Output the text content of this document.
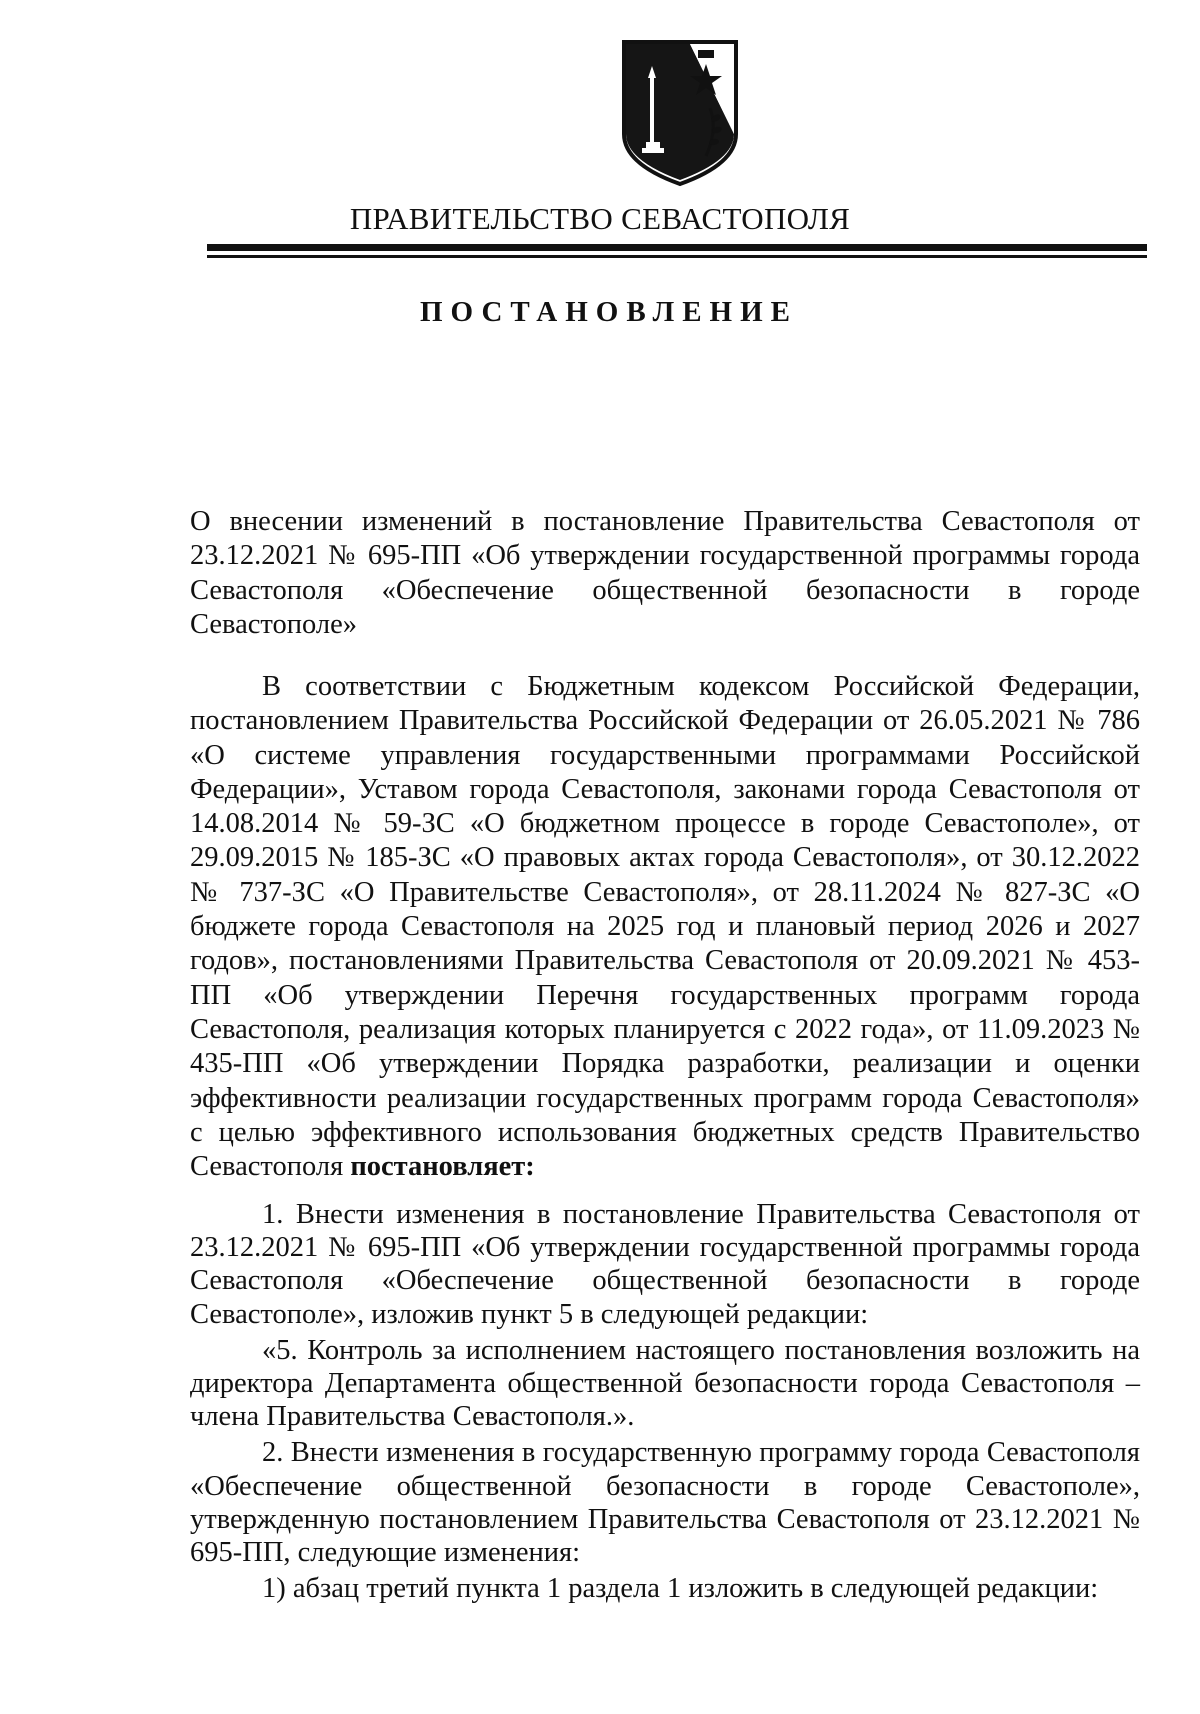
ПРАВИТЕЛЬСТВО СЕВАСТОПОЛЯ
ПОСТАНОВЛЕНИЕ

О внесении изменений в постановление Правительства Севастополя от 23.12.2021 № 695-ПП «Об утверждении государственной программы города Севастополя «Обеспечение общественной безопасности в городе Севастополе»

В соответствии с Бюджетным кодексом Российской Федерации, постановлением Правительства Российской Федерации от 26.05.2021 № 786 «О системе управления государственными программами Российской Федерации», Уставом города Севастополя, законами города Севастополя от 14.08.2014 № 59-ЗС «О бюджетном процессе в городе Севастополе», от 29.09.2015 № 185-ЗС «О правовых актах города Севастополя», от 30.12.2022 № 737-ЗС «О Правительстве Севастополя», от 28.11.2024 № 827-ЗС «О бюджете города Севастополя на 2025 год и плановый период 2026 и 2027 годов», постановлениями Правительства Севастополя от 20.09.2021 № 453-ПП «Об утверждении Перечня государственных программ города Севастополя, реализация которых планируется с 2022 года», от 11.09.2023 № 435-ПП «Об утверждении Порядка разработки, реализации и оценки эффективности реализации государственных программ города Севастополя» с целью эффективного использования бюджетных средств Правительство Севастополя постановляет:

1. Внести изменения в постановление Правительства Севастополя от 23.12.2021 № 695-ПП «Об утверждении государственной программы города Севастополя «Обеспечение общественной безопасности в городе Севастополе», изложив пункт 5 в следующей редакции:

«5. Контроль за исполнением настоящего постановления возложить на директора Департамента общественной безопасности города Севастополя – члена Правительства Севастополя.».

2. Внести изменения в государственную программу города Севастополя «Обеспечение общественной безопасности в городе Севастополе», утвержденную постановлением Правительства Севастополя от 23.12.2021 № 695-ПП, следующие изменения:

1) абзац третий пункта 1 раздела 1 изложить в следующей редакции:
